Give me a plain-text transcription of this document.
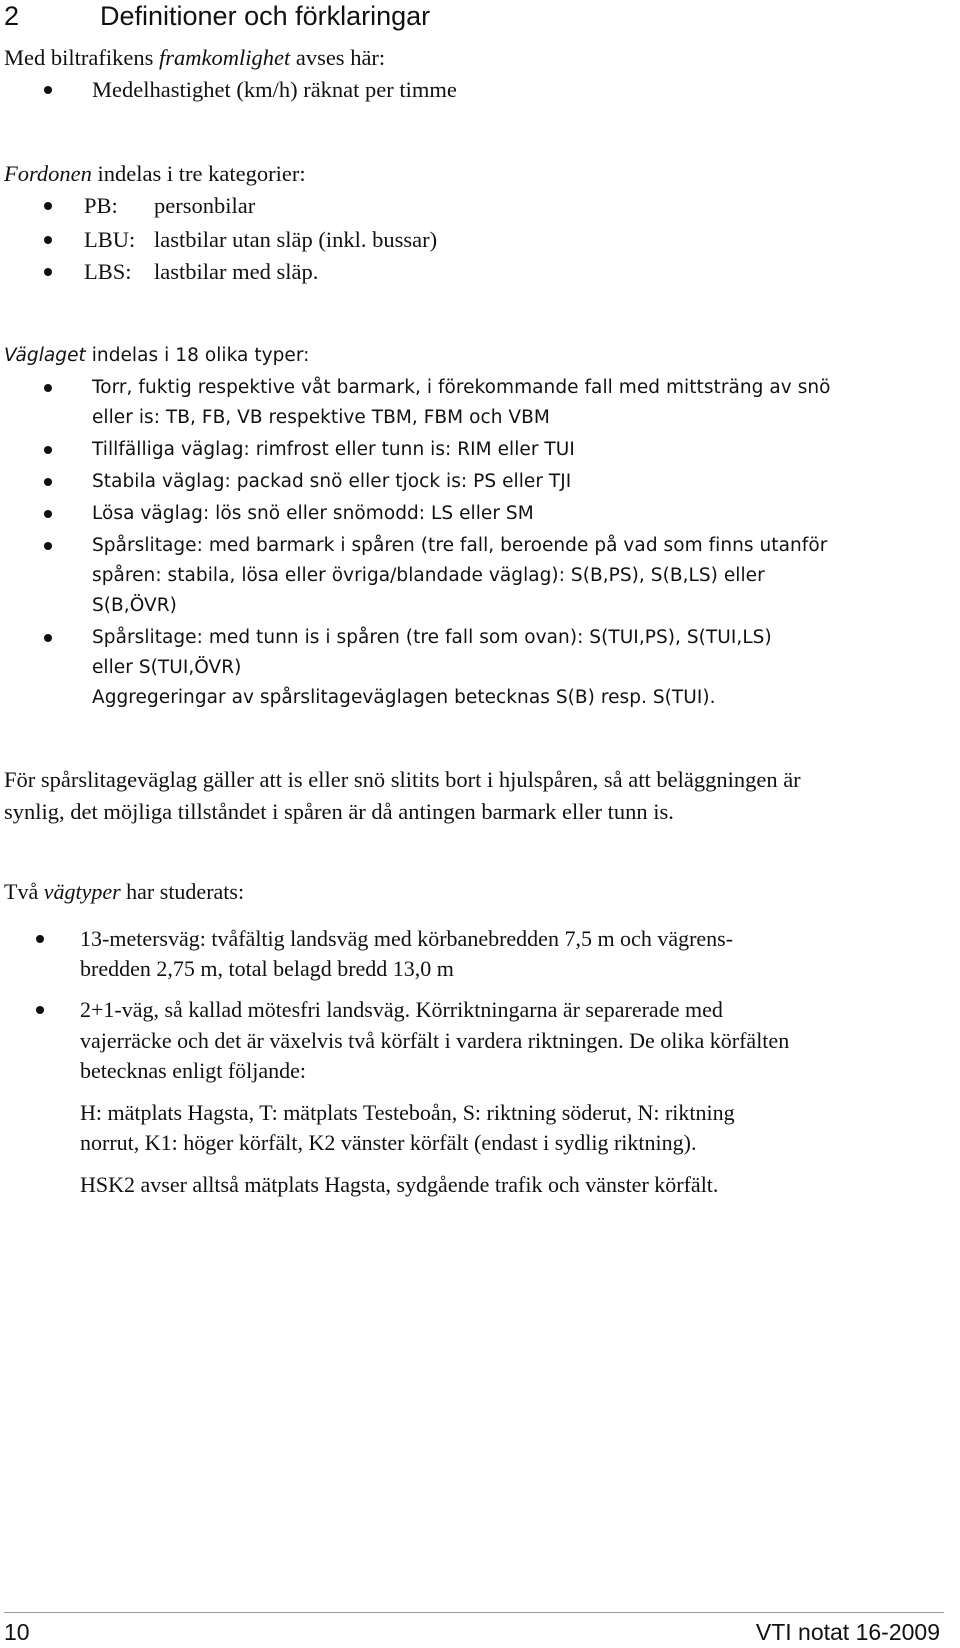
2	Definitioner och förklaringar
Med biltrafikens framkomlighet avses här:
Medelhastighet (km/h) räknat per timme
Fordonen indelas i tre kategorier:
PB: personbilar
LBU: lastbilar utan släp (inkl. bussar)
LBS: lastbilar med släp.
Väglaget indelas i 18 olika typer:
Torr, fuktig respektive våt barmark, i förekommande fall med mittsträng av snö
eller is: TB, FB, VB respektive TBM, FBM och VBM
Tillfälliga väglag: rimfrost eller tunn is: RIM eller TUI
Stabila väglag: packad snö eller tjock is: PS eller TJI
Lösa väglag: lös snö eller snömodd: LS eller SM
Spårslitage: med barmark i spåren (tre fall, beroende på vad som finns utanför
spåren: stabila, lösa eller övriga/blandade väglag): S(B,PS), S(B,LS) eller
S(B,ÖVR)
Spårslitage: med tunn is i spåren (tre fall som ovan): S(TUI,PS), S(TUI,LS)
eller S(TUI,ÖVR)
Aggregeringar av spårslitageväglagen betecknas S(B) resp. S(TUI).
För spårslitageväglag gäller att is eller snö slitits bort i hjulspåren, så att beläggningen är
synlig, det möjliga tillståndet i spåren är då antingen barmark eller tunn is.
Två vägtyper har studerats:
13-metersväg: tvåfältig landsväg med körbanebredden 7,5 m och vägrens-
bredden 2,75 m, total belagd bredd 13,0 m
2+1-väg, så kallad mötesfri landsväg. Körriktningarna är separerade med
vajerräcke och det är växelvis två körfält i vardera riktningen. De olika körfälten
betecknas enligt följande:
H: mätplats Hagsta, T: mätplats Testeboån, S: riktning söderut, N: riktning
norrut, K1: höger körfält, K2 vänster körfält (endast i sydlig riktning).
HSK2 avser alltså mätplats Hagsta, sydgående trafik och vänster körfält.
10	VTI notat 16-2009
